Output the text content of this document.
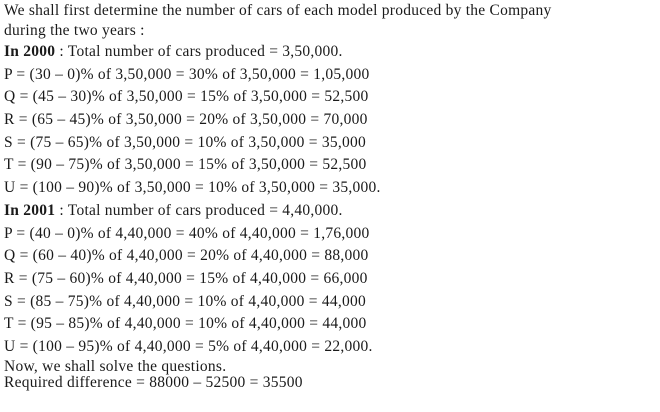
We shall first determine the number of cars of each model produced by the Company
during the two years :
In 2000 : Total number of cars produced = 3,50,000.
P = (30 – 0)% of 3,50,000 = 30% of 3,50,000 = 1,05,000
Q = (45 – 30)% of 3,50,000 = 15% of 3,50,000 = 52,500
R = (65 – 45)% of 3,50,000 = 20% of 3,50,000 = 70,000
S = (75 – 65)% of 3,50,000 = 10% of 3,50,000 = 35,000
T = (90 – 75)% of 3,50,000 = 15% of 3,50,000 = 52,500
U = (100 – 90)% of 3,50,000 = 10% of 3,50,000 = 35,000.
In 2001 : Total number of cars produced = 4,40,000.
P = (40 – 0)% of 4,40,000 = 40% of 4,40,000 = 1,76,000
Q = (60 – 40)% of 4,40,000 = 20% of 4,40,000 = 88,000
R = (75 – 60)% of 4,40,000 = 15% of 4,40,000 = 66,000
S = (85 – 75)% of 4,40,000 = 10% of 4,40,000 = 44,000
T = (95 – 85)% of 4,40,000 = 10% of 4,40,000 = 44,000
U = (100 – 95)% of 4,40,000 = 5% of 4,40,000 = 22,000.
Now, we shall solve the questions.
Required difference = 88000 – 52500 = 35500
